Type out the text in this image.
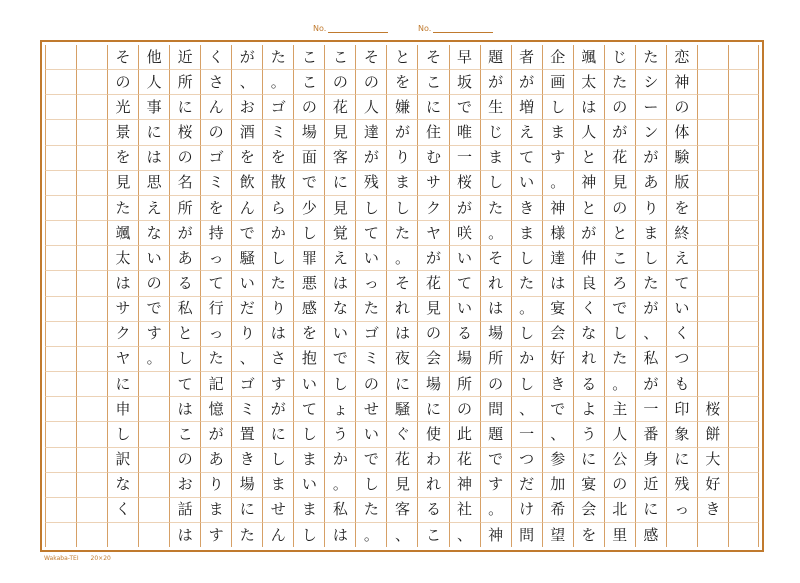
No.	No.
桜
餅
大
好
き
恋
神
の
体
験
版
を
終
え
て
い
く
つ
も
印
象
に
残
っ
た
シ
ー
ン
が
あ
り
ま
し
た
が
、
私
が
一
番
身
近
に
感
じ
た
の
が
花
見
の
と
こ
ろ
で
し
た
。
主
人
公
の
北
里
颯
太
は
人
と
神
と
が
仲
良
く
な
れ
る
よ
う
に
宴
会
を
企
画
し
ま
す
。
神
様
達
は
宴
会
好
き
で
、
参
加
希
望
者
が
増
え
て
い
き
ま
し
た
。
し
か
し
、
一
つ
だ
け
問
題
が
生
じ
ま
し
た
。
そ
れ
は
場
所
の
問
題
で
す
。
神
早
坂
で
唯
一
桜
が
咲
い
て
い
る
場
所
の
此
花
神
社
、
そ
こ
に
住
む
サ
ク
ヤ
が
花
見
の
会
場
に
使
わ
れ
る
こ
と
を
嫌
が
り
ま
し
た
。
そ
れ
は
夜
に
騒
ぐ
花
見
客
、
そ
の
人
達
が
残
し
て
い
っ
た
ゴ
ミ
の
せ
い
で
し
た
。
こ
の
花
見
客
に
見
覚
え
は
な
い
で
し
ょ
う
か
。
私
は
こ
こ
の
場
面
で
少
し
罪
悪
感
を
抱
い
て
し
ま
い
ま
し
た
。
ゴ
ミ
を
散
ら
か
し
た
り
は
さ
す
が
に
し
ま
せ
ん
が
、
お
酒
を
飲
ん
で
騒
い
だ
り
、
ゴ
ミ
置
き
場
に
た
く
さ
ん
の
ゴ
ミ
を
持
っ
て
行
っ
た
記
憶
が
あ
り
ま
す
近
所
に
桜
の
名
所
が
あ
る
私
と
し
て
は
こ
の
お
話
は
他
人
事
に
は
思
え
な
い
の
で
す
。
そ
の
光
景
を
見
た
颯
太
は
サ
ク
ヤ
に
申
し
訳
な
く
Wakaba-TEI 20×20
